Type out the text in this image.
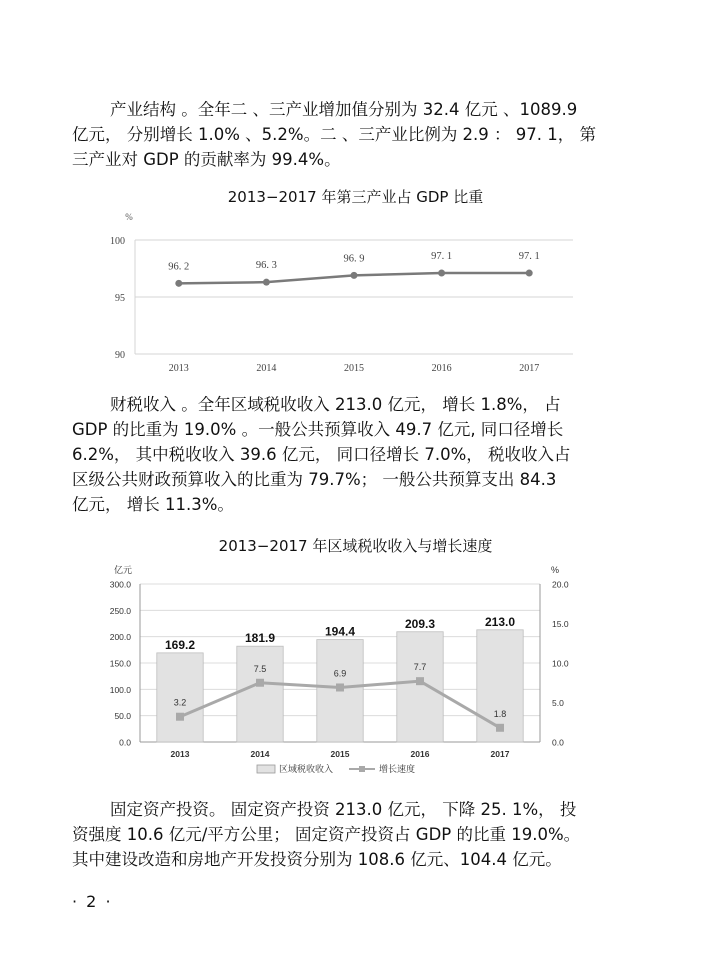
产业结构 。全年二 、三产业增加值分别为 32.4 亿元 、1089.9
亿元， 分别增长 1.0% 、5.2%。二 、三产业比例为 2.9 ： 97. 1， 第
三产业对 GDP 的贡献率为 99.4%。
2013−2017 年第三产业占 GDP 比重
%
90
95
100
2013	2014	2015	2016	2017
96. 2	96. 3
96. 9	97. 1	97. 1
财税收入 。全年区域税收收入 213.0 亿元， 增长 1.8%， 占
GDP 的比重为 19.0% 。一般公共预算收入 49.7 亿元, 同口径增长
6.2%， 其中税收收入 39.6 亿元， 同口径增长 7.0%， 税收收入占
区级公共财政预算收入的比重为 79.7%； 一般公共预算支出 84.3
亿元， 增长 11.3%。
2013−2017 年区域税收收入与增长速度
亿元	%
0.0
50.0
100.0
150.0
200.0
250.0
300.0
0.0
5.0
10.0
15.0
20.0
169.2	181.9	194.4
209.3	213.0
2013	2014	2015	2016	2017
3.2
7.5	6.9
7.7
1.8
区域税收收入	增长速度
固定资产投资。 固定资产投资 213.0 亿元， 下降 25. 1%， 投
资强度 10.6 亿元/平方公里； 固定资产投资占 GDP 的比重 19.0%。
其中建设改造和房地产开发投资分别为 108.6 亿元、104.4 亿元。
· 2 ·
